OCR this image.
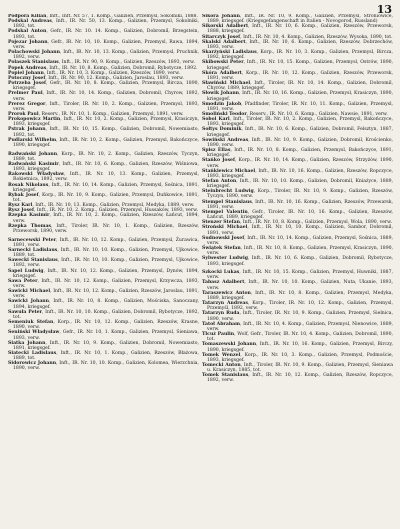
13
Podpora Kilian, Inft., Inft. Nr. 57, 1. Komp., Galizien, Przemysl, Sokolniki, 1888.
Podskal Andreas, Inft., IR. Nr. 50, 13. Komp., Galizien, Przemysl, Sokolniki, 1892, tot.
Podskal Anton, Gefr., IR. Nr. 10. 14. Komp., Galizien, Dobromil, Brzegstein, 1893, tot.
Pojezar Johann, Gefr., IR. Nr. 10, 10. Komp., Galizien, Przemysl, Rawa, 1894, verw.
Polachowski Johann, Inft., IR. Nr. 10, 13. Komp., Galizien, Przemysl, Pruchnik, 1892, verw.
Polaszek Stanislaus, Inft., IR. Nr. 90, 9. Komp., Galizien, Rzeszów, 1893, verw.
Popek Andreas, Inft., IR. Nr. 10, 8. Komp., Galizien, Dobromil, Rybotycze, 1892.
Popiel Johann, Inft., IR. Nr. 10, 3. Komp., Galizien, Rzeszów, 1890, verw.
Potoczny Josef, Inft., IR. Nr. 90, 12. Komp., Galizien, Jaroslau, 1893, verw.
Potrzeba Josef, Gefr., IR. Nr. 10, 8. Komp., Galizien, Przemysl, Bircza, 1890, kriegsgef.
Prelmer Paul, Inft., IR. Nr. 10, 14. Komp., Galizien, Dobromil, Chyrow, 1892, verw.
Prerez Gregor, Inft., Tiroler, IR. Nr. 10, 2. Komp., Galizien, Przemysl, 1893, verw.
Prorok Paul, Reserv., IR. Nr. 10, 1. Komp., Galizien, Przemysl, 1891, verw.
Prokopowicz Martin, Inft., IR. Nr. 10, 2. Komp., Galizien, Przemysl, Krasiczyn, 1893, kriegsgef.
Pstrak Johann, Inft., IR. Nr. 10, 15. Komp., Galizien, Dobromil, Nowemiasto, 1892, tot.
Pudlarski Wilhelm, Inft., IR. Nr. 10, 2. Komp., Galizien, Przemysl, Bakończyce, 1890, kriegsgef.
Radwański Johann, Korp., IR. Nr. 10, 2. Komp., Galizien, Rzeszów, Tyczyn, 1889, tot.
Radwański Kasimir, Inft., IR. Nr. 10, 6. Komp., Galizien, Rzeszów, Wiśniowa, 1893, kriegsgef.
Rakowski Władysław, Inft., IR. Nr. 10, 13. Komp., Galizien, Przemysl, Rokietnica, 1892, verw.
Rosak Nikolaus, Inft., IR. Nr. 10, 14. Komp., Galizien, Przemysl, Sośnica, 1891, kriegsgef.
Rybak Josef, Korp., IR. Nr. 10, 9. Komp., Galizien, Przemysl, Duńkowice, 1891, tot.
Rysz Karl, Inft., IR. Nr. 10, 13. Komp., Galizien, Przemysl, Medyka, 1889, verw.
Rysz Josef, Inft., IR. Nr. 10, 2. Komp., Galizien, Przemysl, Hussaków, 1893, verw.
Rzepka Kasimir, Inft., IR. Nr. 10, 2. Komp., Galizien, Rzeszów, Łańcut, 1894, verw.
Rzepka Thomas, Inft., Tiroler, IR. Nr. 10, 1. Komp., Galizien, Rzeszów, Przeworsk, 1890, verw.
Sarnecewski Peter, Inft., IR. Nr. 10, 12. Komp., Galizien, Przemysl, Żurawica, 1891, verw.
Sarnecki Ladislaus, Inft., IR. Nr. 10, 10. Komp., Galizien, Przemysl, Ujkowice, 1889, tot.
Sawecki Stanislaus, Inft., IR. Nr. 10, 10. Komp., Galizien, Przemysl, Ujkowice, 1892, verw.
Sapel Ludwig, Inft., IR. Nr. 10, 12. Komp., Galizien, Przemysl, Dynów, 1894, kriegsgef.
Sawa Peter, Inft., IR. Nr. 10, 12. Komp., Galizien, Przemysl, Krzywcza, 1893, verw.
Sawicki Michael, Inft., IR. Nr. 10, 12. Komp., Galizien, Rzeszów, Jaroslau, 1891, verw.
Sawicki Johann, Inft., IR. Nr. 10, 8. Komp., Galizien, Mościska, Sanoczany, 1894, kriegsgef.
Sawuła Peter, Inft., IR. Nr. 10, 10. Komp., Galizien, Dobromil, Rybotycze, 1892, tot.
Semeniuk Stefan, Korp., IR. Nr. 10, 12. Komp., Galizien, Rzeszów, Krasne, 1890, verw.
Seniński Władysław, Gefr., IR. Nr. 10, 1. Komp., Galizien, Przemysl, Sieniawa, 1893, verw.
Siatka Johann, Inft., IR. Nr. 10, 9. Komp., Galizien, Dobromil, Nowemiasto, 1891, kriegsgef.
Siatecki Ladislaus, Inft., IR. Nr. 10, 1. Komp., Galizien, Rzeszów, Błażowa, 1889, tot.
Sidorowicz Johann, Inft., IR. Nr. 10, 10. Komp., Galizien, Kolomea, Wierzchnia, 1890, verw.
Sikora Johann, Inft., IR. Nr. 10, 9. Komp., Galizien, Przemysl, Stroniowice, 1889, kriegsgef. (Kriegsgefangenschaft in Italien - Novogorod, Russland)
Sikorski Adalbert, Inft., IR. Nr. 10, 6. Komp., Galizien, Rzeszów, Przeworsk, 1888, kriegsgef.
Sitarczyk Josef, Inft., IR. Nr. 10, 4. Komp., Galizien, Rzeszów, Wysoka, 1890, tot.
Skalski Adalbert, Inft., IR. Nr. 10, 6. Komp., Galizien, Rzeszów, Dobrzechów, 1893, verw.
Skarżyński Ladislaus, Korp., IR. Nr. 10, 3. Komp., Galizien, Przemysl, Bircza, 1892, kriegsgef.
Skibowski Peter, Inft., IR. Nr. 10, 15. Komp., Galizien, Przemysl, Ostrów, 1890, kriegsgef.
Skóra Adalbert, Korp., IR. Nr. 10, 12. Komp., Galizien, Rzeszów, Przeworsk, 1891, verw.
Sławiński Michael, Inft., Tiroler, IR. Nr. 10, 14. Komp., Galizien, Dobromil, Chyrów, 1889, kriegsgef.
Słowik Johann, Inft., IR. Nr. 10, 16. Komp., Galizien, Przemysl, Krasiczyn, 1890, kriegsgef.
Smodzin Jakob, Pfadfinder, Tiroler, IR. Nr. 10, 11. Komp., Galizien, Przemysl, 1891, verw.
Smoliński Teodor, Reserv., IR. Nr. 10, 6. Komp., Galizien, Nawsie, 1891, verw.
Sobol Karl, Inft., Tiroler, IR. Nr. 10, 2. Komp., Galizien, Przemysl, Bakończyce, 1893, kriegsgef.
Sołtys Dominik, Inft., IR. Nr. 10, 6. Komp., Galizien, Dobromil, Felsztyn, 1887, kriegsgef.
Sowiński Andreas, Inft., IR. Nr. 10, 9. Komp., Galizien, Dobromil, Krościenko, 1890, verw.
Spisz Ellas, Inft., IR. Nr. 10, 8. Komp., Galizien, Przemysl, Bakończyce, 1891, kriegsgef.
Stańko Josef, Korp., IR. Nr. 10, 14. Komp., Galizien, Rzeszów, Strzyżów, 1890, verw.
Stańkiewicz Michael, Inft., IR. Nr. 10, 16. Komp., Galizien, Rzeszów, Ropczyce, 1893, kriegsgef.
Stefan Anton, Inft., IR. Nr. 10, 10. Komp., Galizien, Dobromil, Kniażyce, 1889, kriegsgef.
Steinbrecht Ludwig, Korp., Tiroler, IR. Nr. 10, 9. Komp., Galizien, Rzeszów, Tyczyn, 1890, verw.
Stempel Stanislaus, Inft., IR. Nr. 10, 16. Komp., Galizien, Rzeszów, Przewarsk, 1891, verw.
Stempel Valentin, Gefr., Tiroler, IR. Nr. 10, 16. Komp., Galizien, Rzeszów, Łańcut, 1889, kriegsgef.
Stenzer Stefan, Inft., IR. Nr. 10, 8. Komp., Galizien, Przemysl, Wola, 1890, verw.
Stroński Michael, Inft., IR. Nr. 10, 10. Komp., Galizien, Sambor, Dobromil, 1891, verw.
Sudnowski Josef, Inft., IR. Nr. 10, 14. Komp., Galizien, Przemysl, Sośnica, 1889, verw.
Świątek Stefan, Inft., IR. Nr. 10, 8. Komp., Galizien, Przemysl, Krasiczyn, 1890, verw.
Sylwester Ludwig, Inft., IR. Nr. 10, 6. Komp., Galizien, Dobromil, Rybotycze, 1893, kriegsgef.
Szkocki Lukas, Inft., IR. Nr. 10, 15. Komp., Galizien, Przemysl, Huwniki, 1887, verw.
Tabasz Adalbert, Inft., IR. Nr. 10, 10. Komp., Galizien, Nuta, Ukanie, 1893, verw.
Taraszewicz Anton, Inft., IR. Nr. 10, 8. Komp., Galizien, Przemysl, Medyka, 1889, kriegsgef.
Tatarzyn Andreas, Korp., Tiroler, IR. Nr. 10, 12. Komp., Galizien, Przemysl, Przemyśl, 1892, verw.
Tatarzyn Ruda, Inft., Tiroler, IR. Nr. 10, 9. Komp., Galizien, Przemysl, Sielnica, 1890, verw.
Tatoł Abraham, Inft., IR. Nr. 10, 4. Komp., Galizien, Przemysl, Nienowice, 1889, verw.
Tlcuż Paulin, Wolf, Gefr., Tiroler, IR. Nr. 10, 4. Komp., Galizien, Dobromil, 1890, tot.
Tomaszewski Johann, Inft., IR. Nr. 10, 16. Komp., Galizien, Przemysl, Birczy, 1890, kriegsgef.
Tomek Wenzel, Korp., IR. Nr. 10, 3. Komp., Galizien, Przemysl, Podmoście, 1893, kriegsgef.
Tomecki Anton, Inft., Tiroler, IR. Nr. 10, 9. Komp., Galizien, Przemysl, Sieniawa u. Krasiczyn, 1885, tot.
Tomek Stanislaus, Inft., IR. Nr. 10, 12. Komp., Galizien, Rzeszów, Ropczyce, 1892, verw.
